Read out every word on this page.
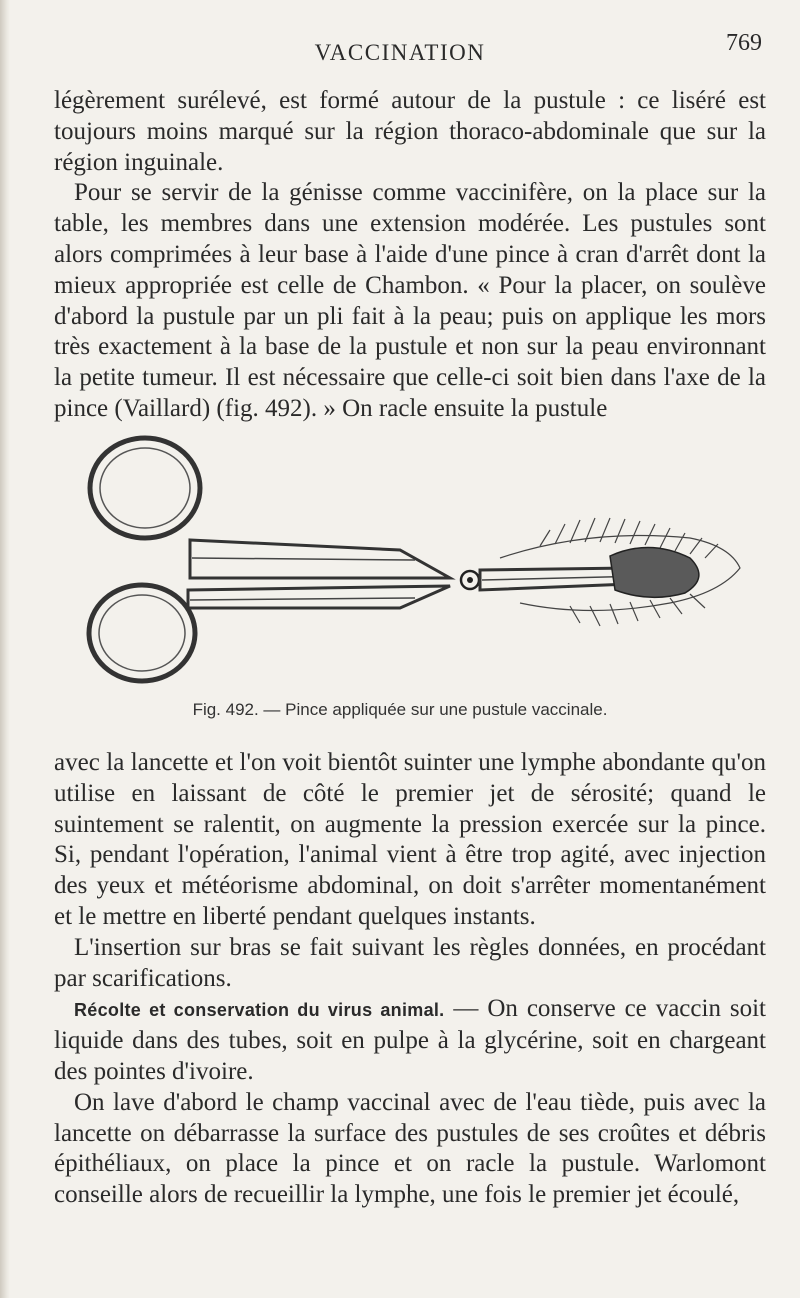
VACCINATION	769

légèrement surélevé, est formé autour de la pustule : ce liséré est toujours moins marqué sur la région thoraco-abdominale que sur la région inguinale.

Pour se servir de la génisse comme vaccinifère, on la place sur la table, les membres dans une extension modérée. Les pustules sont alors comprimées à leur base à l'aide d'une pince à cran d'arrêt dont la mieux appropriée est celle de Chambon. « Pour la placer, on soulève d'abord la pustule par un pli fait à la peau; puis on applique les mors très exactement à la base de la pustule et non sur la peau environnant la petite tumeur. Il est nécessaire que celle-ci soit bien dans l'axe de la pince (Vaillard) (fig. 492). » On racle ensuite la pustule

Fig. 492. — Pince appliquée sur une pustule vaccinale.

avec la lancette et l'on voit bientôt suinter une lymphe abondante qu'on utilise en laissant de côté le premier jet de sérosité; quand le suintement se ralentit, on augmente la pression exercée sur la pince. Si, pendant l'opération, l'animal vient à être trop agité, avec injection des yeux et météorisme abdominal, on doit s'arrêter momentanément et le mettre en liberté pendant quelques instants.

L'insertion sur bras se fait suivant les règles données, en procédant par scarifications.

Récolte et conservation du virus animal. — On conserve ce vaccin soit liquide dans des tubes, soit en pulpe à la glycérine, soit en chargeant des pointes d'ivoire.

On lave d'abord le champ vaccinal avec de l'eau tiède, puis avec la lancette on débarrasse la surface des pustules de ses croûtes et débris épithéliaux, on place la pince et on racle la pustule. Warlomont conseille alors de recueillir la lymphe, une fois le premier jet écoulé,
